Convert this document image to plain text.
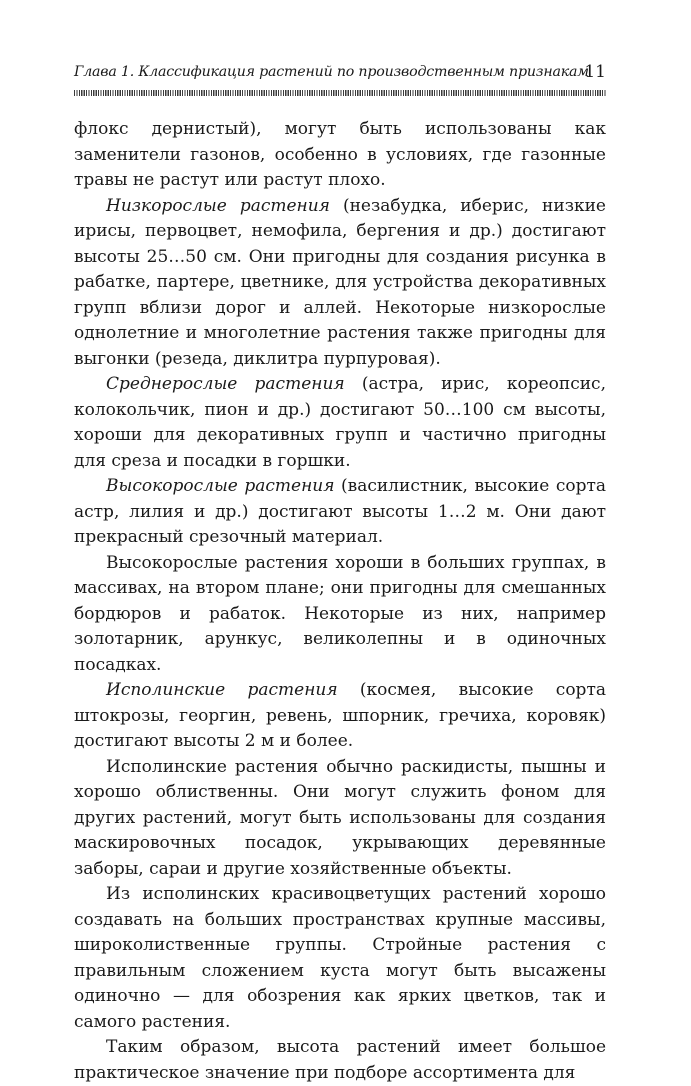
Глава 1. Классификация растений по производственным признакам
11

флокс дернистый), могут быть использованы как заменители газонов, особенно в условиях, где газонные травы не растут или растут плохо.

Низкорослые растения (незабудка, иберис, низкие ирисы, первоцвет, немофила, бергения и др.) достигают высоты 25…50 см. Они пригодны для создания рисунка в рабатке, партере, цветнике, для устройства декоративных групп вблизи дорог и аллей. Некоторые низкорослые однолетние и многолетние растения также пригодны для выгонки (резеда, диклитра пурпуровая).

Среднерослые растения (астра, ирис, кореопсис, колокольчик, пион и др.) достигают 50…100 см высоты, хороши для декоративных групп и частично пригодны для среза и посадки в горшки.

Высокорослые растения (василистник, высокие сорта астр, лилия и др.) достигают высоты 1…2 м. Они дают прекрасный срезочный материал.

Высокорослые растения хороши в больших группах, в массивах, на втором плане; они пригодны для смешанных бордюров и рабаток. Некоторые из них, например золотарник, арункус, великолепны и в одиночных посадках.

Исполинские растения (космея, высокие сорта штокрозы, георгин, ревень, шпорник, гречиха, коровяк) достигают высоты 2 м и более.

Исполинские растения обычно раскидисты, пышны и хорошо облиственны. Они могут служить фоном для других растений, могут быть использованы для создания маскировочных посадок, укрывающих деревянные заборы, сараи и другие хозяйственные объекты.

Из исполинских красивоцветущих растений хорошо создавать на больших пространствах крупные массивы, широколиственные группы. Стройные растения с правильным сложением куста могут быть высажены одиночно — для обозрения как ярких цветков, так и самого растения.

Таким образом, высота растений имеет большое практическое значение при подборе ассортимента для
